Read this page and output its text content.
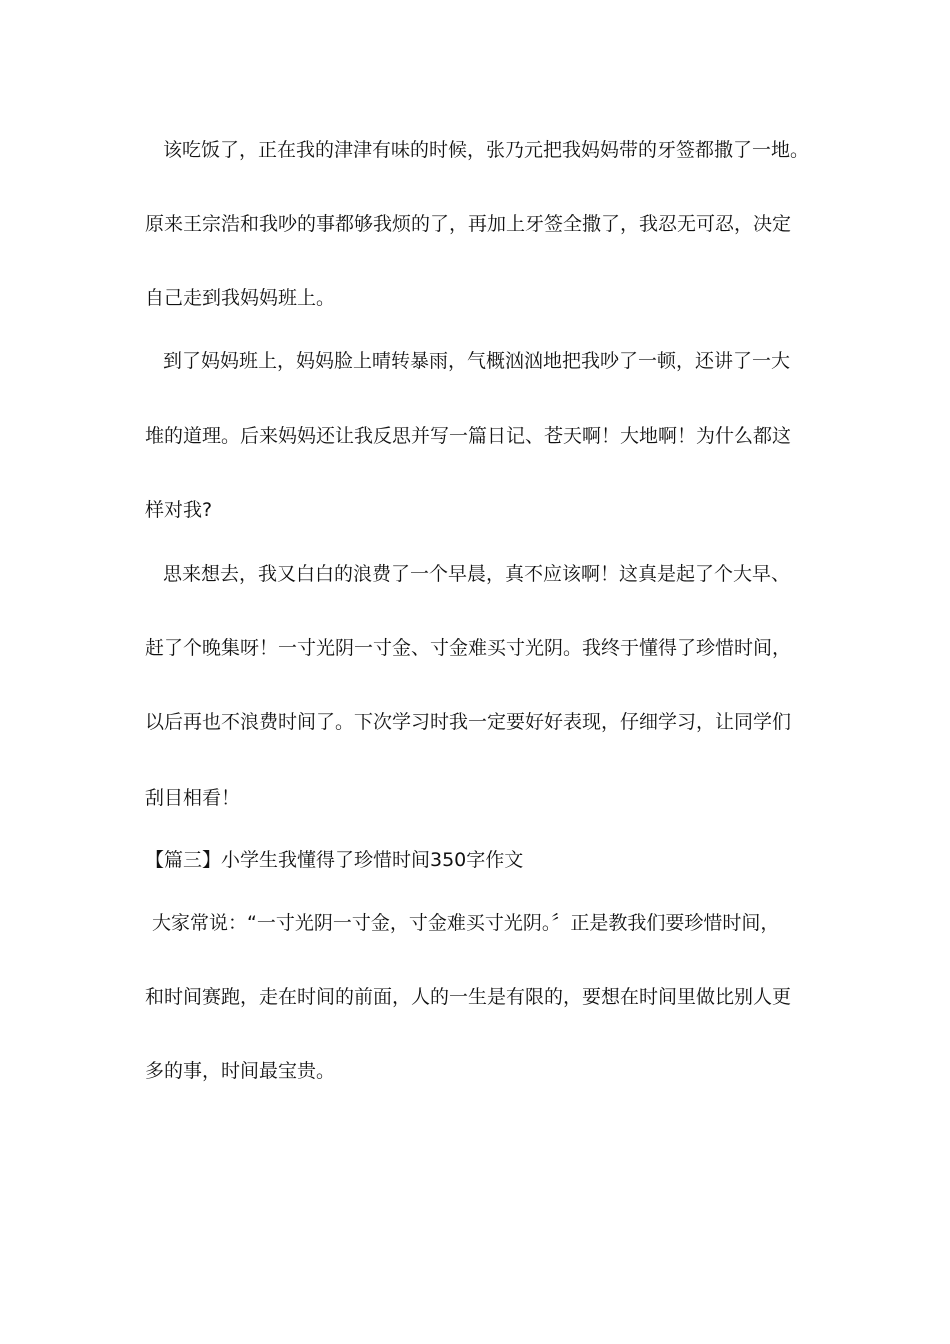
该吃饭了，正在我的津津有味的时候，张乃元把我妈妈带的牙签都撒了一地。
原来王宗浩和我吵的事都够我烦的了，再加上牙签全撒了，我忍无可忍，决定
自己走到我妈妈班上。
到了妈妈班上，妈妈脸上晴转暴雨，气概汹汹地把我吵了一顿，还讲了一大
堆的道理。后来妈妈还让我反思并写一篇日记、苍天啊！大地啊！为什么都这
样对我?
思来想去，我又白白的浪费了一个早晨，真不应该啊！这真是起了个大早、
赶了个晚集呀！一寸光阴一寸金、寸金难买寸光阴。我终于懂得了珍惜时间，
以后再也不浪费时间了。下次学习时我一定要好好表现，仔细学习，让同学们
刮目相看！
【篇三】小学生我懂得了珍惜时间350字作文
大家常说：“一寸光阴一寸金，寸金难买寸光阴。〞正是教我们要珍惜时间，
和时间赛跑，走在时间的前面，人的一生是有限的，要想在时间里做比别人更
多的事，时间最宝贵。
